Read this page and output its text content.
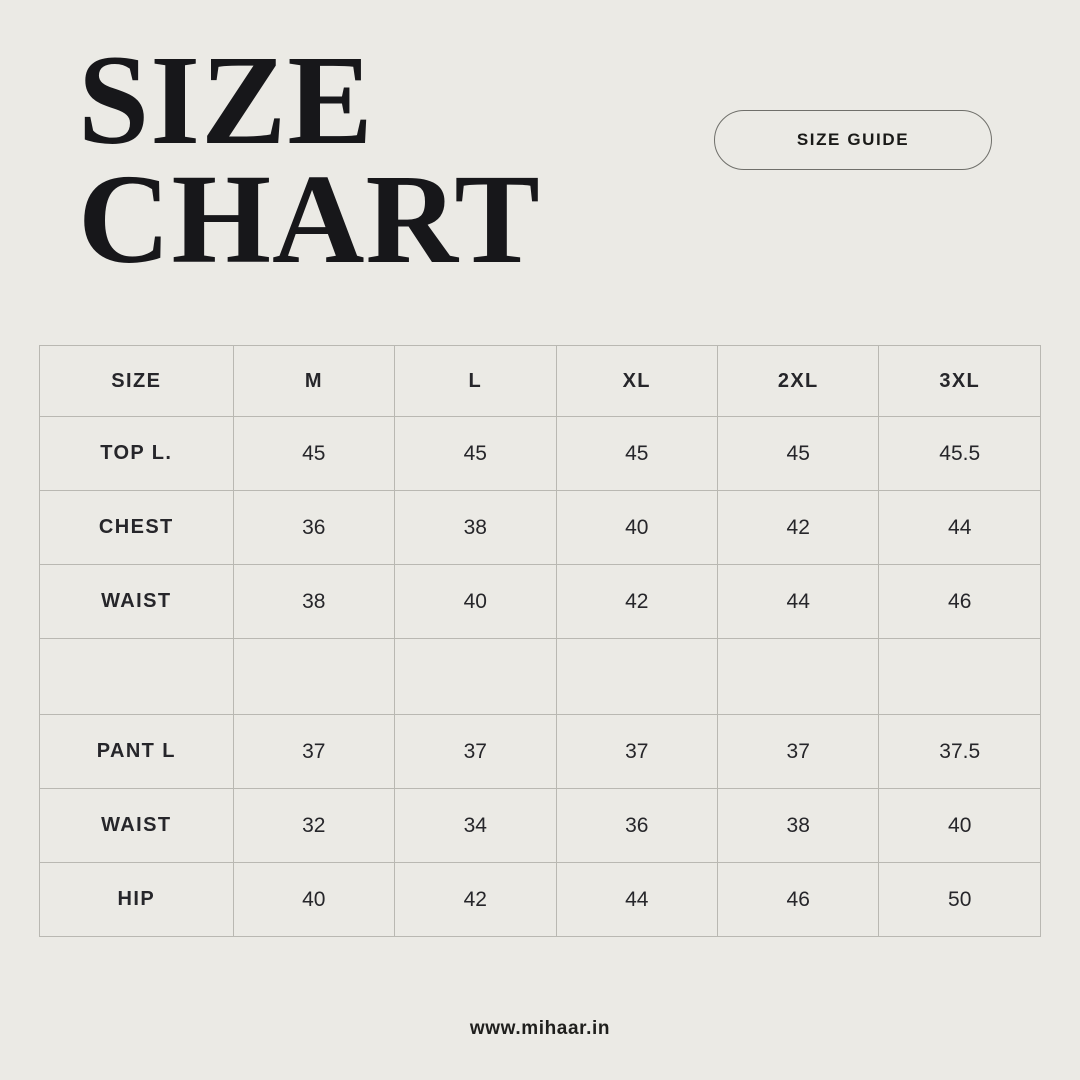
SIZE
CHART
SIZE GUIDE
SIZE	M	L	XL	2XL	3XL
TOP L.	45	45	45	45	45.5
CHEST	36	38	40	42	44
WAIST	38	40	42	44	46

PANT L	37	37	37	37	37.5
WAIST	32	34	36	38	40
HIP	40	42	44	46	50
www.mihaar.in
